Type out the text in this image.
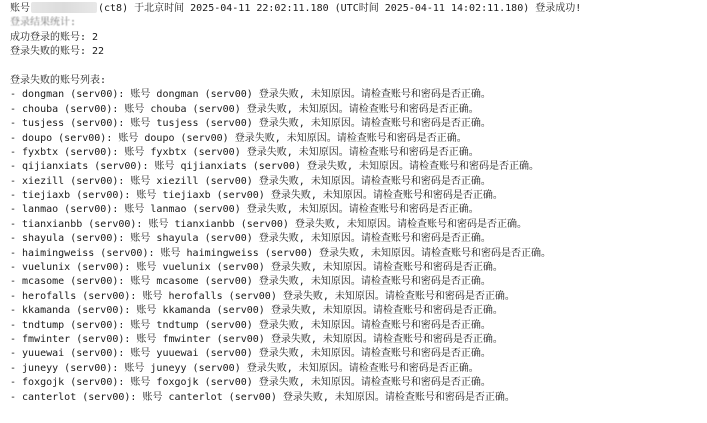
账号	(ct8) 于北京时间 2025-04-11 22:02:11.180 (UTC时间 2025-04-11 14:02:11.180) 登录成功!
登录结果统计:
成功登录的账号: 2
登录失败的账号: 22
登录失败的账号列表:
- dongman (serv00): 账号 dongman (serv00) 登录失败, 未知原因。请检查账号和密码是否正确。
- chouba (serv00): 账号 chouba (serv00) 登录失败, 未知原因。请检查账号和密码是否正确。
- tusjess (serv00): 账号 tusjess (serv00) 登录失败, 未知原因。请检查账号和密码是否正确。
- doupo (serv00): 账号 doupo (serv00) 登录失败, 未知原因。请检查账号和密码是否正确。
- fyxbtx (serv00): 账号 fyxbtx (serv00) 登录失败, 未知原因。请检查账号和密码是否正确。
- qijianxiats (serv00): 账号 qijianxiats (serv00) 登录失败, 未知原因。请检查账号和密码是否正确。
- xiezill (serv00): 账号 xiezill (serv00) 登录失败, 未知原因。请检查账号和密码是否正确。
- tiejiaxb (serv00): 账号 tiejiaxb (serv00) 登录失败, 未知原因。请检查账号和密码是否正确。
- lanmao (serv00): 账号 lanmao (serv00) 登录失败, 未知原因。请检查账号和密码是否正确。
- tianxianbb (serv00): 账号 tianxianbb (serv00) 登录失败, 未知原因。请检查账号和密码是否正确。
- shayula (serv00): 账号 shayula (serv00) 登录失败, 未知原因。请检查账号和密码是否正确。
- haimingweiss (serv00): 账号 haimingweiss (serv00) 登录失败, 未知原因。请检查账号和密码是否正确。
- vuelunix (serv00): 账号 vuelunix (serv00) 登录失败, 未知原因。请检查账号和密码是否正确。
- mcasome (serv00): 账号 mcasome (serv00) 登录失败, 未知原因。请检查账号和密码是否正确。
- herofalls (serv00): 账号 herofalls (serv00) 登录失败, 未知原因。请检查账号和密码是否正确。
- kkamanda (serv00): 账号 kkamanda (serv00) 登录失败, 未知原因。请检查账号和密码是否正确。
- tndtump (serv00): 账号 tndtump (serv00) 登录失败, 未知原因。请检查账号和密码是否正确。
- fmwinter (serv00): 账号 fmwinter (serv00) 登录失败, 未知原因。请检查账号和密码是否正确。
- yuuewai (serv00): 账号 yuuewai (serv00) 登录失败, 未知原因。请检查账号和密码是否正确。
- juneyy (serv00): 账号 juneyy (serv00) 登录失败, 未知原因。请检查账号和密码是否正确。
- foxgojk (serv00): 账号 foxgojk (serv00) 登录失败, 未知原因。请检查账号和密码是否正确。
- canterlot (serv00): 账号 canterlot (serv00) 登录失败, 未知原因。请检查账号和密码是否正确。
